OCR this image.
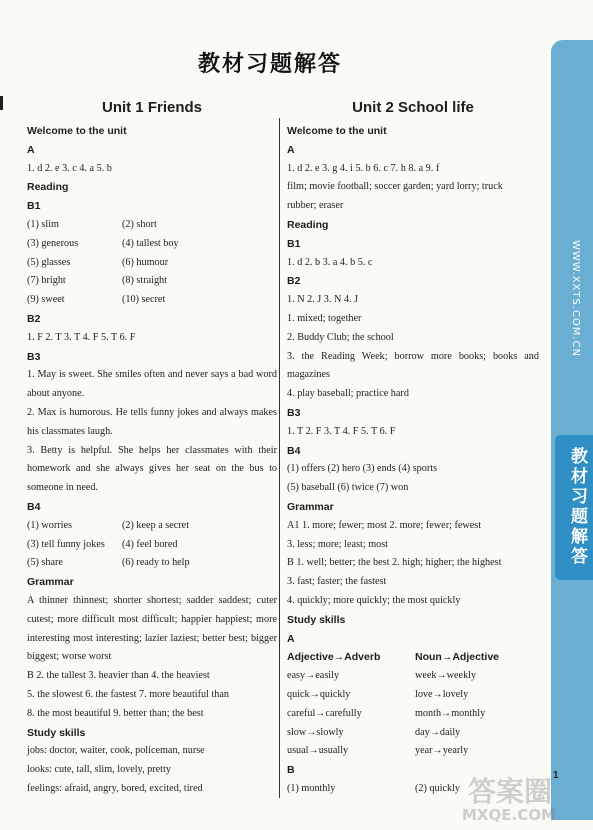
教材习题解答
Unit 1 Friends
Welcome to the unit
A
1. d 2. e 3. c 4. a 5. b
Reading
B1
(1) slim	(2) short
(3) generous	(4) tallest boy
(5) glasses	(6) humour
(7) bright	(8) straight
(9) sweet	(10) secret
B2
1. F 2. T 3. T 4. F 5. T 6. F
B3
1. May is sweet. She smiles often and never says a bad word about anyone.
2. Max is humorous. He tells funny jokes and always makes his classmates laugh.
3. Betty is helpful. She helps her classmates with their homework and she always gives her seat on the bus to someone in need.
B4
(1) worries	(2) keep a secret
(3) tell funny jokes	(4) feel bored
(5) share	(6) ready to help
Grammar
A thinner thinnest; shorter shortest; sadder saddest; cuter cutest; more difficult most difficult; happier happiest; more interesting most interesting; lazier laziest; better best; bigger biggest; worse worst
B 2. the tallest 3. heavier than 4. the heaviest
5. the slowest 6. the fastest 7. more beautiful than
8. the most beautiful 9. better than; the best
Study skills
jobs: doctor, waiter, cook, policeman, nurse
looks: cute, tall, slim, lovely, pretty
feelings: afraid, angry, bored, excited, tired
Unit 2 School life
Welcome to the unit
A
1. d 2. e 3. g 4. i 5. b 6. c 7. h 8. a 9. f
film; movie football; soccer garden; yard lorry; truck
rubber; eraser
Reading
B1
1. d 2. b 3. a 4. b 5. c
B2
1. N 2. J 3. N 4. J
1. mixed; together
2. Buddy Club; the school
3. the Reading Week; borrow more books; books and magazines
4. play baseball; practice hard
B3
1. T 2. F 3. T 4. F 5. T 6. F
B4
(1) offers (2) hero (3) ends (4) sports
(5) baseball (6) twice (7) won
Grammar
A1 1. more; fewer; most 2. more; fewer; fewest
3. less; more; least; most
B 1. well; better; the best 2. high; higher; the highest
3. fast; faster; the fastest
4. quickly; more quickly; the most quickly
Study skills
A
Adjective→Adverb	Noun→Adjective
easy→easily	week→weekly
quick→quickly	love→lovely
careful→carefully	month→monthly
slow→slowly	day→daily
usual→usually	year→yearly
B
(1) monthly	(2) quickly
WWW.XXTS.COM.CN
教材习题解答
答案圈
MXQE.COM
1
